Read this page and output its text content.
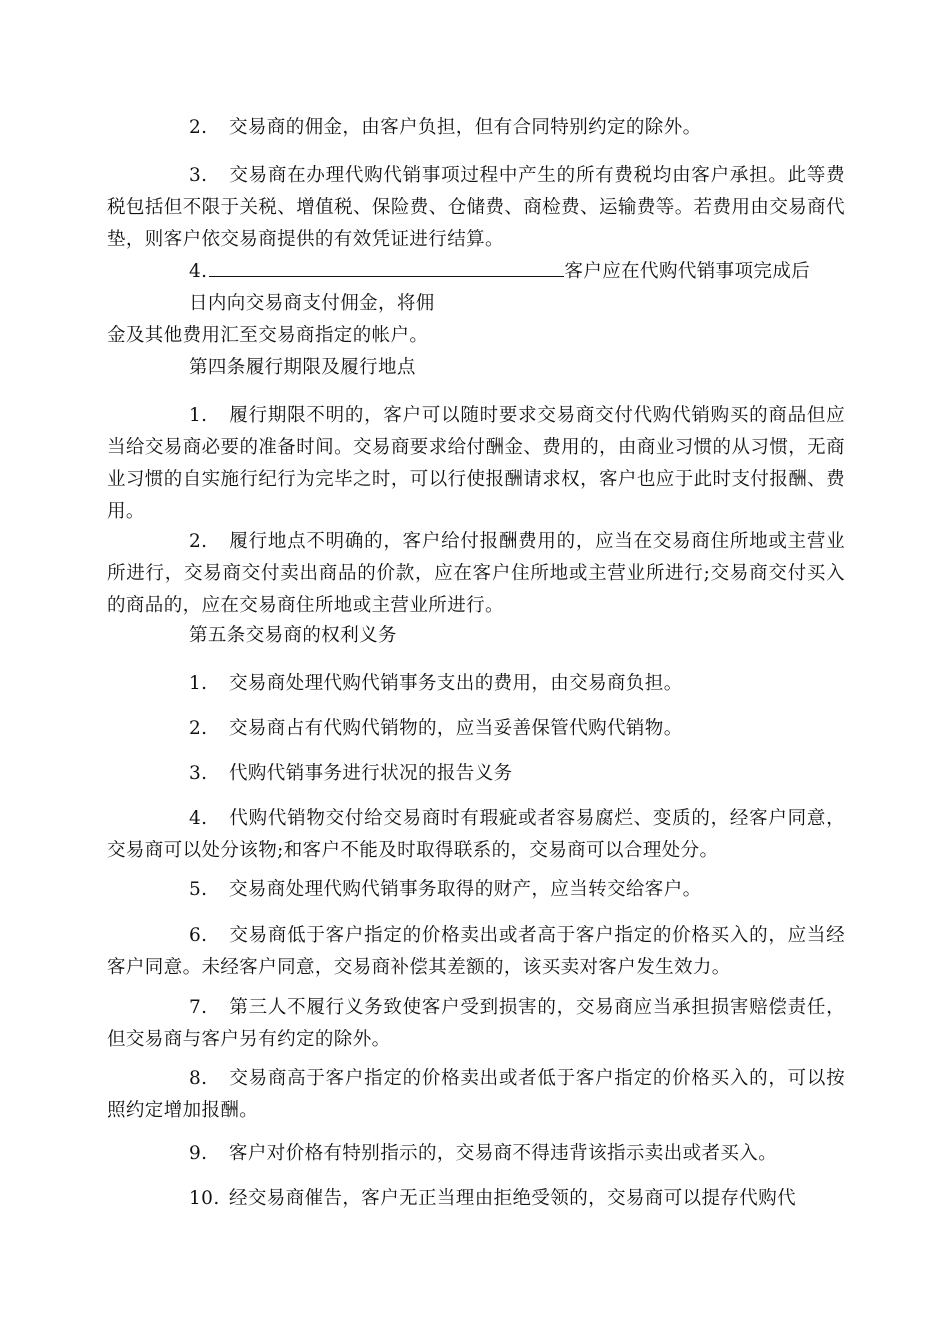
2. 交易商的佣金，由客户负担，但有合同特别约定的除外。

3. 交易商在办理代购代销事项过程中产生的所有费税均由客户承担。此等费税包括但不限于关税、增值税、保险费、仓储费、商检费、运输费等。若费用由交易商代垫，则客户依交易商提供的有效凭证进行结算。

4.	客户应在代购代销事项完成后
日内向交易商支付佣金，将佣
金及其他费用汇至交易商指定的帐户。

第四条履行期限及履行地点

1. 履行期限不明的，客户可以随时要求交易商交付代购代销购买的商品但应当给交易商必要的准备时间。交易商要求给付酬金、费用的，由商业习惯的从习惯，无商业习惯的自实施行纪行为完毕之时，可以行使报酬请求权，客户也应于此时支付报酬、费用。

2. 履行地点不明确的，客户给付报酬费用的，应当在交易商住所地或主营业所进行，交易商交付卖出商品的价款，应在客户住所地或主营业所进行;交易商交付买入的商品的，应在交易商住所地或主营业所进行。

第五条交易商的权利义务

1. 交易商处理代购代销事务支出的费用，由交易商负担。

2. 交易商占有代购代销物的，应当妥善保管代购代销物。

3. 代购代销事务进行状况的报告义务

4. 代购代销物交付给交易商时有瑕疵或者容易腐烂、变质的，经客户同意，交易商可以处分该物;和客户不能及时取得联系的，交易商可以合理处分。

5. 交易商处理代购代销事务取得的财产，应当转交给客户。

6. 交易商低于客户指定的价格卖出或者高于客户指定的价格买入的，应当经客户同意。未经客户同意，交易商补偿其差额的，该买卖对客户发生效力。

7. 第三人不履行义务致使客户受到损害的，交易商应当承担损害赔偿责任，但交易商与客户另有约定的除外。

8. 交易商高于客户指定的价格卖出或者低于客户指定的价格买入的，可以按照约定增加报酬。

9. 客户对价格有特别指示的，交易商不得违背该指示卖出或者买入。

10. 经交易商催告，客户无正当理由拒绝受领的，交易商可以提存代购代
